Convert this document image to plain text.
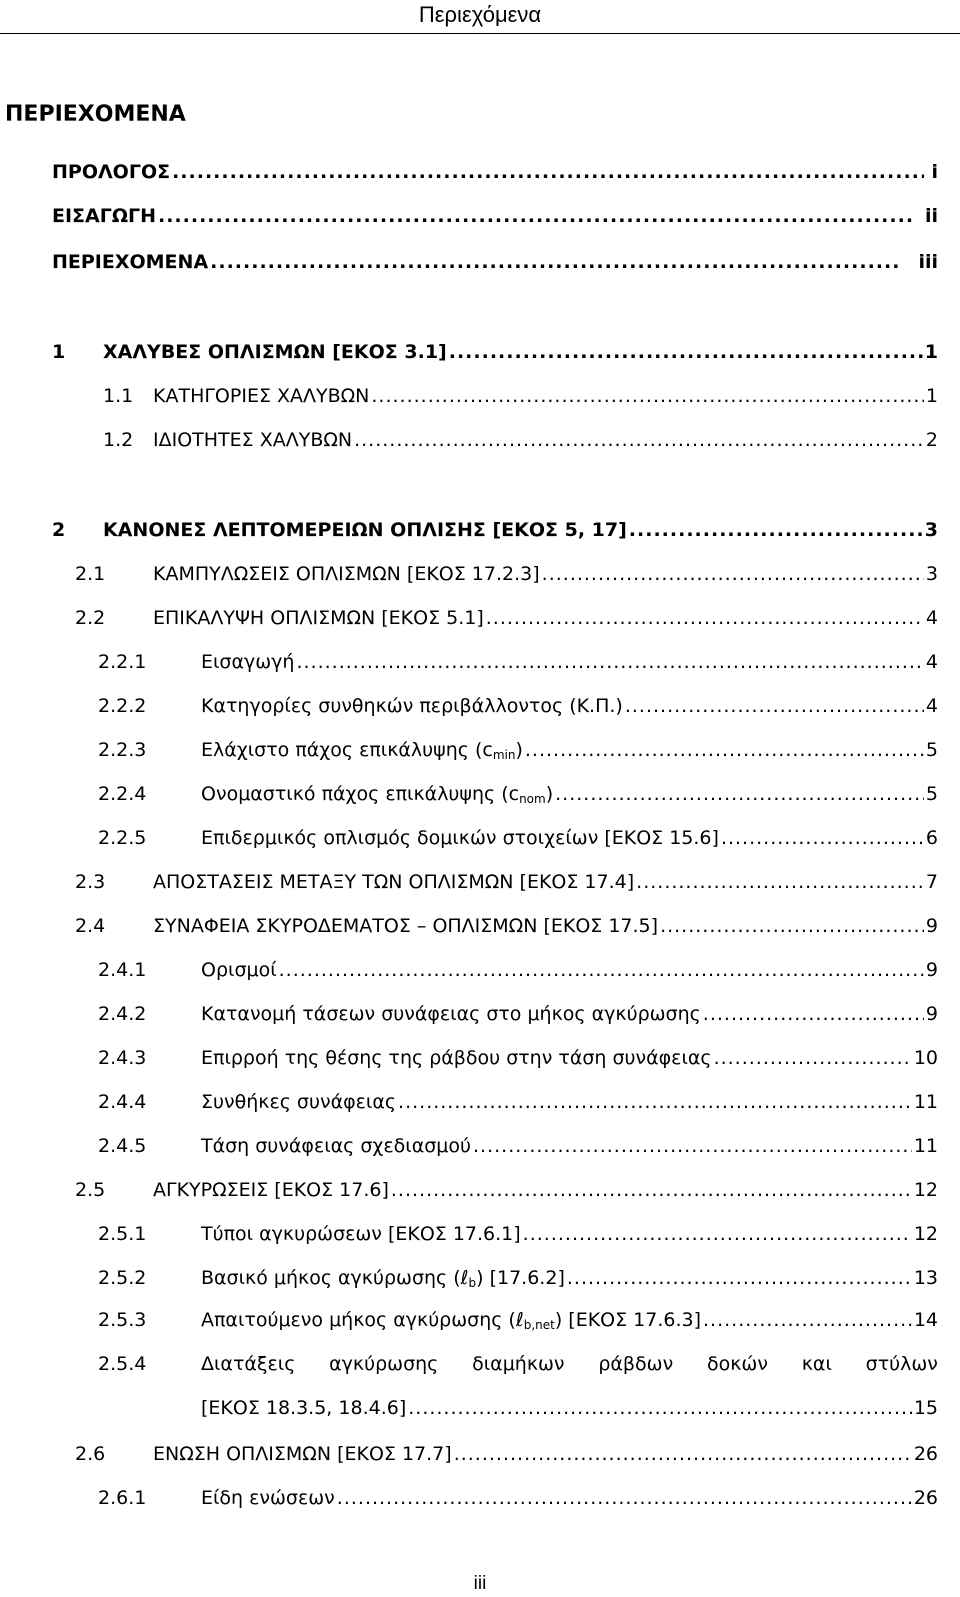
Περιεχόμενα
ΠΕΡΙΕΧΟΜΕΝΑ
ΠΡΟΛΟΓΟΣ .....	i
ΕΙΣΑΓΩΓΗ .....	ii
ΠΕΡΙΕΧΟΜΕΝΑ .....	iii
1 ΧΑΛΥΒΕΣ ΟΠΛΙΣΜΩΝ [ΕΚΟΣ 3.1] .....	1
1.1 ΚΑΤΗΓΟΡΙΕΣ ΧΑΛΥΒΩΝ .....	1
1.2 ΙΔΙΟΤΗΤΕΣ ΧΑΛΥΒΩΝ .....	2
2 ΚΑΝΟΝΕΣ ΛΕΠΤΟΜΕΡΕΙΩΝ ΟΠΛΙΣΗΣ [ΕΚΟΣ 5, 17] .....	3
2.1	ΚΑΜΠΥΛΩΣΕΙΣ ΟΠΛΙΣΜΩΝ [ΕΚΟΣ 17.2.3] .....	3
2.2	ΕΠΙΚΑΛΥΨΗ ΟΠΛΙΣΜΩΝ [ΕΚΟΣ 5.1] .....	4
2.2.1	Εισαγωγή .....	4
2.2.2	Κατηγορίες συνθηκών περιβάλλοντος (Κ.Π.) .....	4
2.2.3	Ελάχιστο πάχος επικάλυψης $(c_{min})$ .....	5
2.2.4	Ονομαστικό πάχος επικάλυψης $(c_{nom})$ .....	5
2.2.5	Επιδερμικός οπλισμός δομικών στοιχείων [ΕΚΟΣ 15.6] .....	6
2.3	ΑΠΟΣΤΑΣΕΙΣ ΜΕΤΑΞΥ ΤΩΝ ΟΠΛΙΣΜΩΝ [ΕΚΟΣ 17.4] .....	7
2.4	ΣΥΝΑΦΕΙΑ ΣΚΥΡΟΔΕΜΑΤΟΣ – ΟΠΛΙΣΜΩΝ [ΕΚΟΣ 17.5] .....	9
2.4.1	Ορισμοί .....	9
2.4.2	Κατανομή τάσεων συνάφειας στο μήκος αγκύρωσης .....	9
2.4.3	Επιρροή της θέσης της ράβδου στην τάση συνάφειας .....	10
2.4.4	Συνθήκες συνάφειας .....	11
2.4.5	Τάση συνάφειας σχεδιασμού .....	11
2.5	ΑΓΚΥΡΩΣΕΙΣ [ΕΚΟΣ 17.6] .....	12
2.5.1	Τύποι αγκυρώσεων [ΕΚΟΣ 17.6.1] .....	12
2.5.2	Βασικό μήκος αγκύρωσης (ℓ$_b$) [17.6.2] .....	13
2.5.3	Απαιτούμενο μήκος αγκύρωσης (ℓ$_{b,net}$) [ΕΚΟΣ 17.6.3] .....	14
2.5.4	Διατάξεις αγκύρωσης διαμήκων ράβδων δοκών και στύλων
[ΕΚΟΣ 18.3.5, 18.4.6] .....	15
2.6	ΕΝΩΣΗ ΟΠΛΙΣΜΩΝ [ΕΚΟΣ 17.7] .....	26
2.6.1	Είδη ενώσεων .....	26
iii
